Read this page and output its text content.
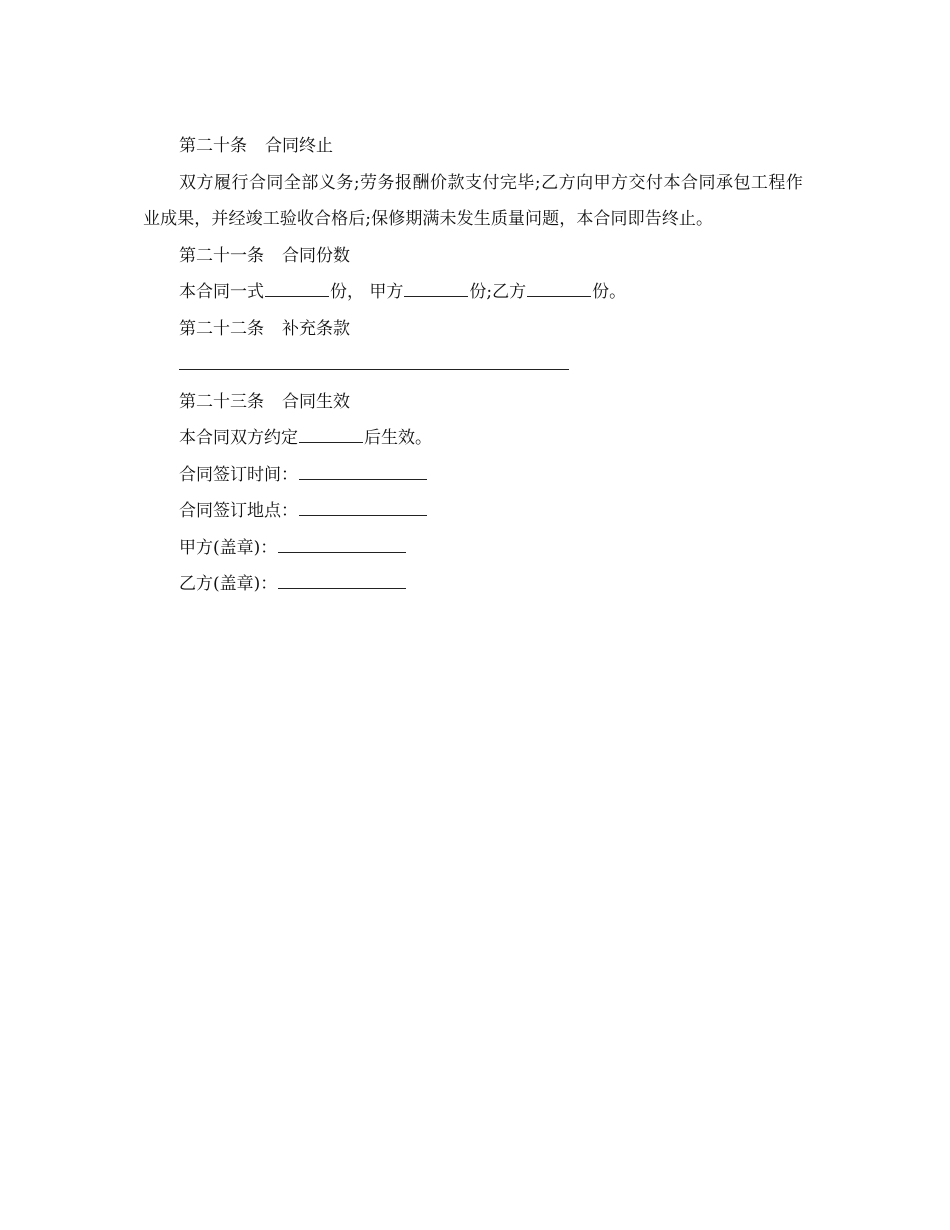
第二十条 合同终止
双方履行合同全部义务;劳务报酬价款支付完毕;乙方向甲方交付本合同承包工程作业成果，并经竣工验收合格后;保修期满未发生质量问题，本合同即告终止。
第二十一条 合同份数
本合同一式	份， 甲方	份;乙方	份。
第二十二条 补充条款
第二十三条 合同生效
本合同双方约定	后生效。
合同签订时间：
合同签订地点：
甲方(盖章)：
乙方(盖章)：
